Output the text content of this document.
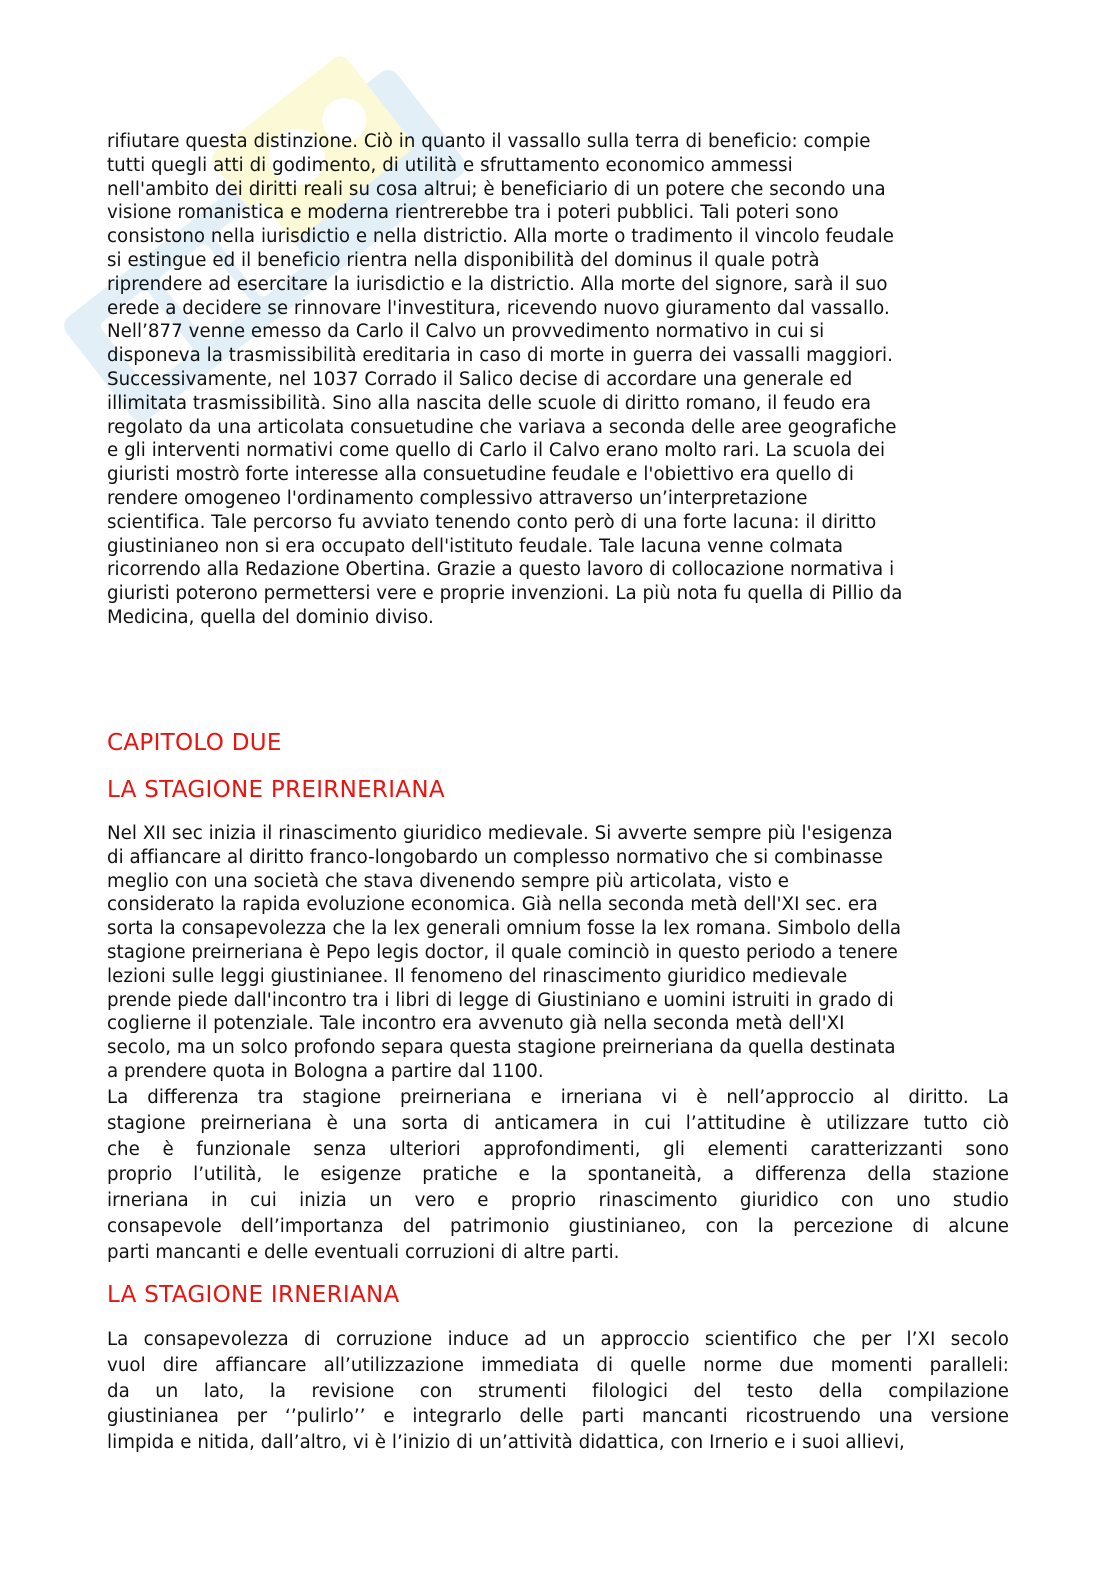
rifiutare questa distinzione. Ciò in quanto il vassallo sulla terra di beneficio: compie
tutti quegli atti di godimento, di utilità e sfruttamento economico ammessi
nell'ambito dei diritti reali su cosa altrui; è beneficiario di un potere che secondo una
visione romanistica e moderna rientrerebbe tra i poteri pubblici. Tali poteri sono
consistono nella iurisdictio e nella districtio. Alla morte o tradimento il vincolo feudale
si estingue ed il beneficio rientra nella disponibilità del dominus il quale potrà
riprendere ad esercitare la iurisdictio e la districtio. Alla morte del signore, sarà il suo
erede a decidere se rinnovare l'investitura, ricevendo nuovo giuramento dal vassallo.
Nell’877 venne emesso da Carlo il Calvo un provvedimento normativo in cui si
disponeva la trasmissibilità ereditaria in caso di morte in guerra dei vassalli maggiori.
Successivamente, nel 1037 Corrado il Salico decise di accordare una generale ed
illimitata trasmissibilità. Sino alla nascita delle scuole di diritto romano, il feudo era
regolato da una articolata consuetudine che variava a seconda delle aree geografiche
e gli interventi normativi come quello di Carlo il Calvo erano molto rari. La scuola dei
giuristi mostrò forte interesse alla consuetudine feudale e l'obiettivo era quello di
rendere omogeneo l'ordinamento complessivo attraverso un’interpretazione
scientifica. Tale percorso fu avviato tenendo conto però di una forte lacuna: il diritto
giustinianeo non si era occupato dell'istituto feudale. Tale lacuna venne colmata
ricorrendo alla Redazione Obertina. Grazie a questo lavoro di collocazione normativa i
giuristi poterono permettersi vere e proprie invenzioni. La più nota fu quella di Pillio da
Medicina, quella del dominio diviso.
CAPITOLO DUE
LA STAGIONE PREIRNERIANA
Nel XII sec inizia il rinascimento giuridico medievale. Si avverte sempre più l'esigenza
di affiancare al diritto franco-longobardo un complesso normativo che si combinasse
meglio con una società che stava divenendo sempre più articolata, visto e
considerato la rapida evoluzione economica. Già nella seconda metà dell'XI sec. era
sorta la consapevolezza che la lex generali omnium fosse la lex romana. Simbolo della
stagione preirneriana è Pepo legis doctor, il quale cominciò in questo periodo a tenere
lezioni sulle leggi giustinianee. Il fenomeno del rinascimento giuridico medievale
prende piede dall'incontro tra i libri di legge di Giustiniano e uomini istruiti in grado di
coglierne il potenziale. Tale incontro era avvenuto già nella seconda metà dell'XI
secolo, ma un solco profondo separa questa stagione preirneriana da quella destinata
a prendere quota in Bologna a partire dal 1100.
La differenza tra stagione preirneriana e irneriana vi è nell’approccio al diritto. La
stagione preirneriana è una sorta di anticamera in cui l’attitudine è utilizzare tutto ciò
che è funzionale senza ulteriori approfondimenti, gli elementi caratterizzanti sono
proprio l’utilità, le esigenze pratiche e la spontaneità, a differenza della stazione
irneriana in cui inizia un vero e proprio rinascimento giuridico con uno studio
consapevole dell’importanza del patrimonio giustinianeo, con la percezione di alcune
parti mancanti e delle eventuali corruzioni di altre parti.
LA STAGIONE IRNERIANA
La consapevolezza di corruzione induce ad un approccio scientifico che per l’XI secolo
vuol dire affiancare all’utilizzazione immediata di quelle norme due momenti paralleli:
da un lato, la revisione con strumenti filologici del testo della compilazione
giustinianea per ‘’pulirlo’’ e integrarlo delle parti mancanti ricostruendo una versione
limpida e nitida, dall’altro, vi è l’inizio di un’attività didattica, con Irnerio e i suoi allievi,
